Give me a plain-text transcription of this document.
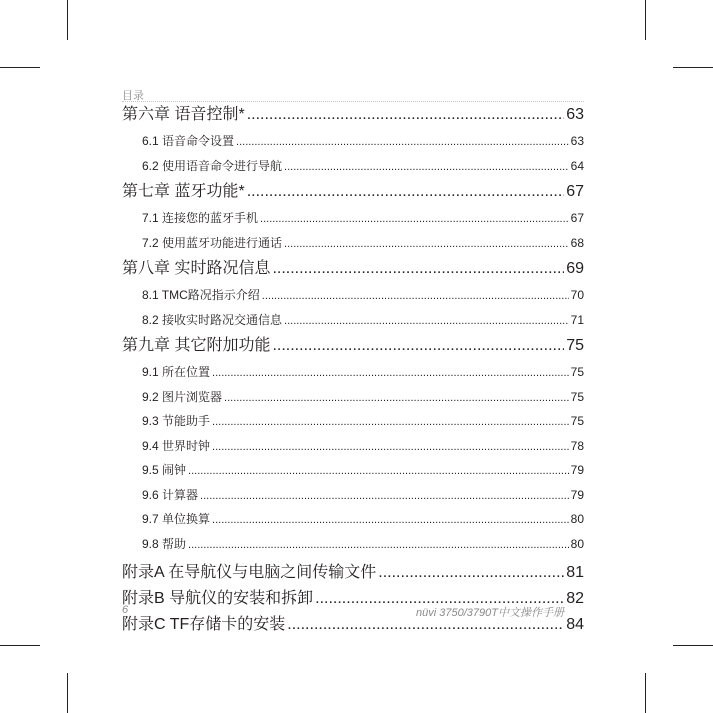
目录
第六章 语音控制* .....	63
6.1 语音命令设置 .....	63
6.2 使用语音命令进行导航 .....	64
第七章 蓝牙功能* .....	67
7.1 连接您的蓝牙手机 .....	67
7.2 使用蓝牙功能进行通话 .....	68
第八章 实时路况信息 .....	69
8.1 TMC路况指示介绍 .....	70
8.2 接收实时路况交通信息 .....	71
第九章 其它附加功能 .....	75
9.1 所在位置 .....	75
9.2 图片浏览器 .....	75
9.3 节能助手 .....	75
9.4 世界时钟 .....	78
9.5 闹钟 .....	79
9.6 计算器 .....	79
9.7 单位换算 .....	80
9.8 帮助 .....	80
附录A 在导航仪与电脑之间传输文件 .....	81
附录B 导航仪的安装和拆卸 .....	82
附录C TF存储卡的安装 .....	84
6	nüvi 3750/3790T中文操作手册
